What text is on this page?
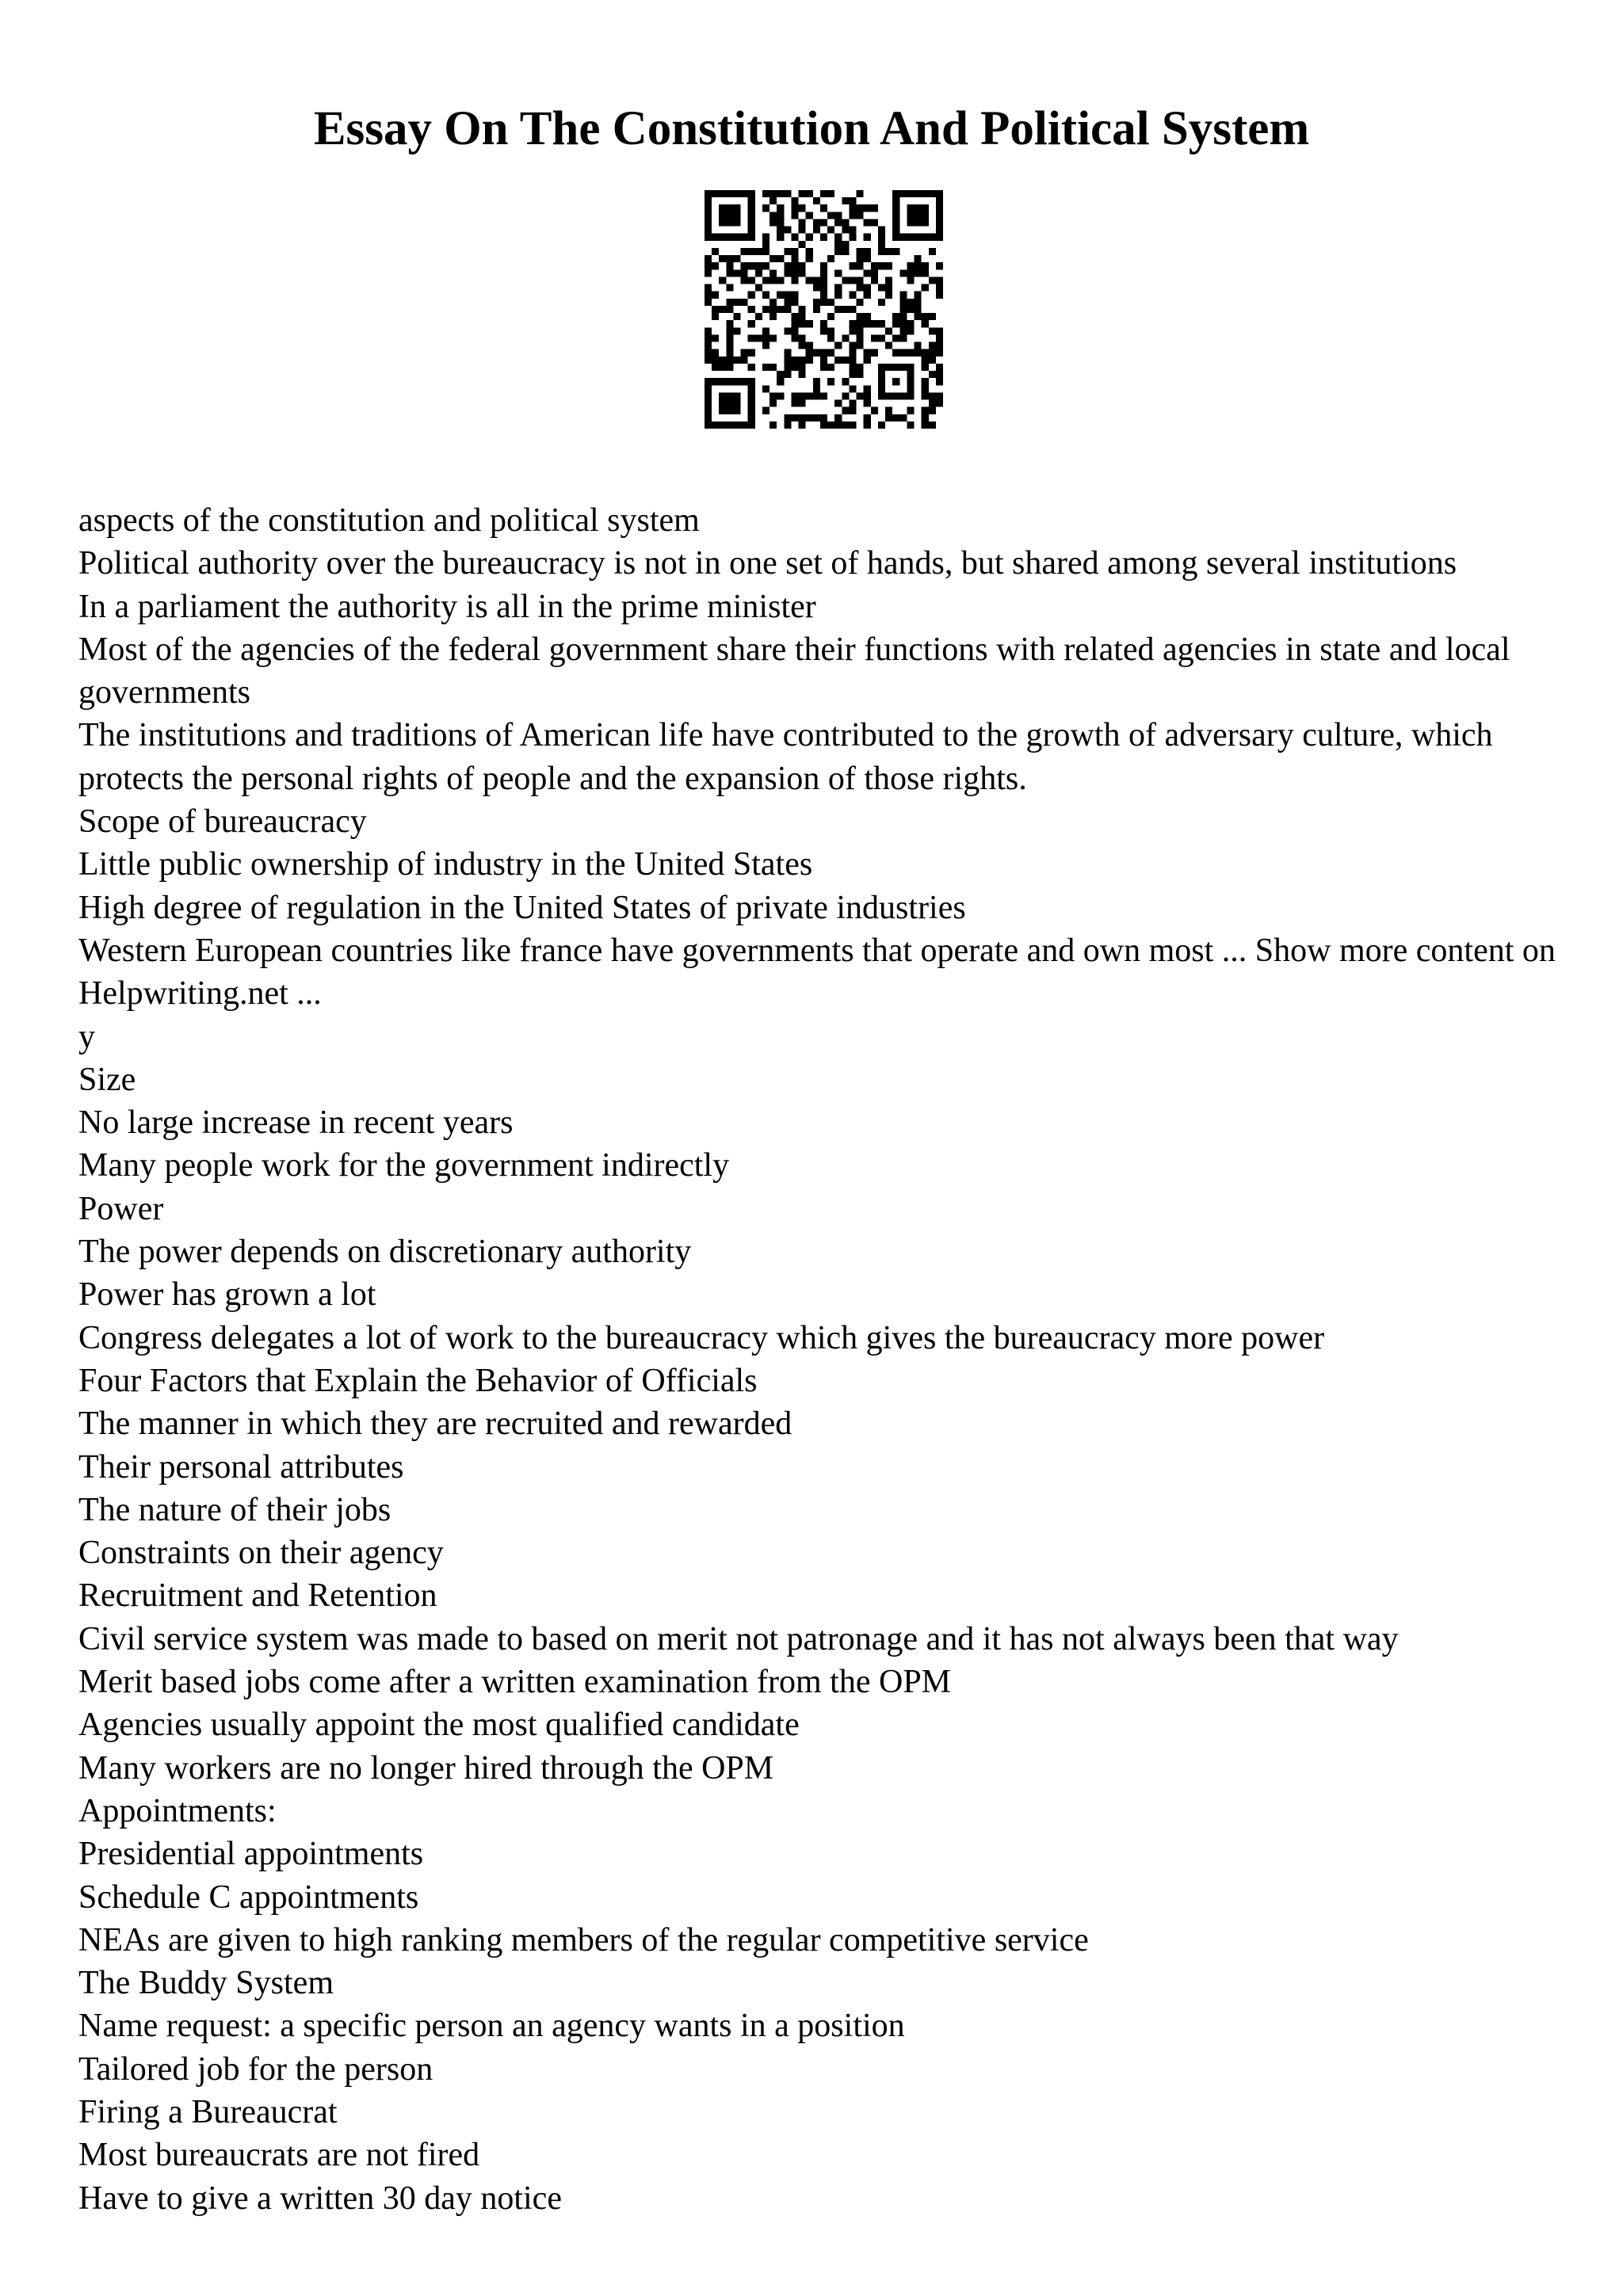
Essay On The Constitution And Political System
aspects of the constitution and political system
Political authority over the bureaucracy is not in one set of hands, but shared among several institutions
In a parliament the authority is all in the prime minister
Most of the agencies of the federal government share their functions with related agencies in state and local governments
The institutions and traditions of American life have contributed to the growth of adversary culture, which protects the personal rights of people and the expansion of those rights.
Scope of bureaucracy
Little public ownership of industry in the United States
High degree of regulation in the United States of private industries
Western European countries like france have governments that operate and own most ... Show more content on Helpwriting.net ...
y
Size
No large increase in recent years
Many people work for the government indirectly
Power
The power depends on discretionary authority
Power has grown a lot
Congress delegates a lot of work to the bureaucracy which gives the bureaucracy more power
Four Factors that Explain the Behavior of Officials
The manner in which they are recruited and rewarded
Their personal attributes
The nature of their jobs
Constraints on their agency
Recruitment and Retention
Civil service system was made to based on merit not patronage and it has not always been that way
Merit based jobs come after a written examination from the OPM
Agencies usually appoint the most qualified candidate
Many workers are no longer hired through the OPM
Appointments:
Presidential appointments
Schedule C appointments
NEAs are given to high ranking members of the regular competitive service
The Buddy System
Name request: a specific person an agency wants in a position
Tailored job for the person
Firing a Bureaucrat
Most bureaucrats are not fired
Have to give a written 30 day notice
